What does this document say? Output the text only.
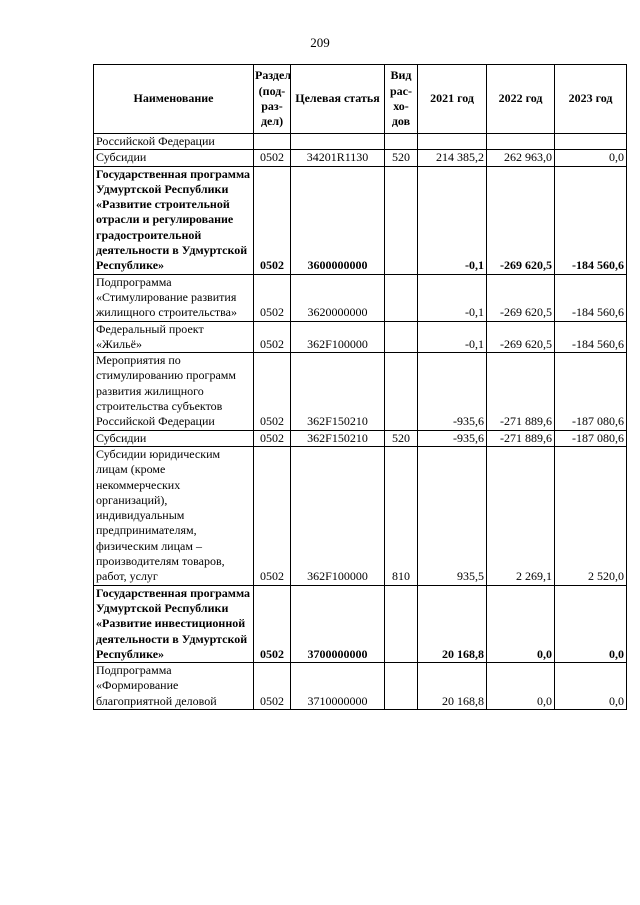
209
Наименование	Раздел (под-раз-дел)	Целевая статья	Вид рас-хо-дов	2021 год	2022 год	2023 год
Российской Федерации						
Субсидии	0502	34201R1130	520	214 385,2	262 963,0	0,0
Государственная программа Удмуртской Республики «Развитие строительной отрасли и регулирование градостроительной деятельности в Удмуртской Республике»	0502	3600000000		-0,1	-269 620,5	-184 560,6
Подпрограмма «Стимулирование развития жилищного строительства»	0502	3620000000		-0,1	-269 620,5	-184 560,6
Федеральный проект «Жильё»	0502	362F100000		-0,1	-269 620,5	-184 560,6
Мероприятия по стимулированию программ развития жилищного строительства субъектов Российской Федерации	0502	362F150210		-935,6	-271 889,6	-187 080,6
Субсидии	0502	362F150210	520	-935,6	-271 889,6	-187 080,6
Субсидии юридическим лицам (кроме некоммерческих организаций), индивидуальным предпринимателям, физическим лицам – производителям товаров, работ, услуг	0502	362F100000	810	935,5	2 269,1	2 520,0
Государственная программа Удмуртской Республики «Развитие инвестиционной деятельности в Удмуртской Республике»	0502	3700000000		20 168,8	0,0	0,0
Подпрограмма «Формирование благоприятной деловой	0502	3710000000		20 168,8	0,0	0,0
